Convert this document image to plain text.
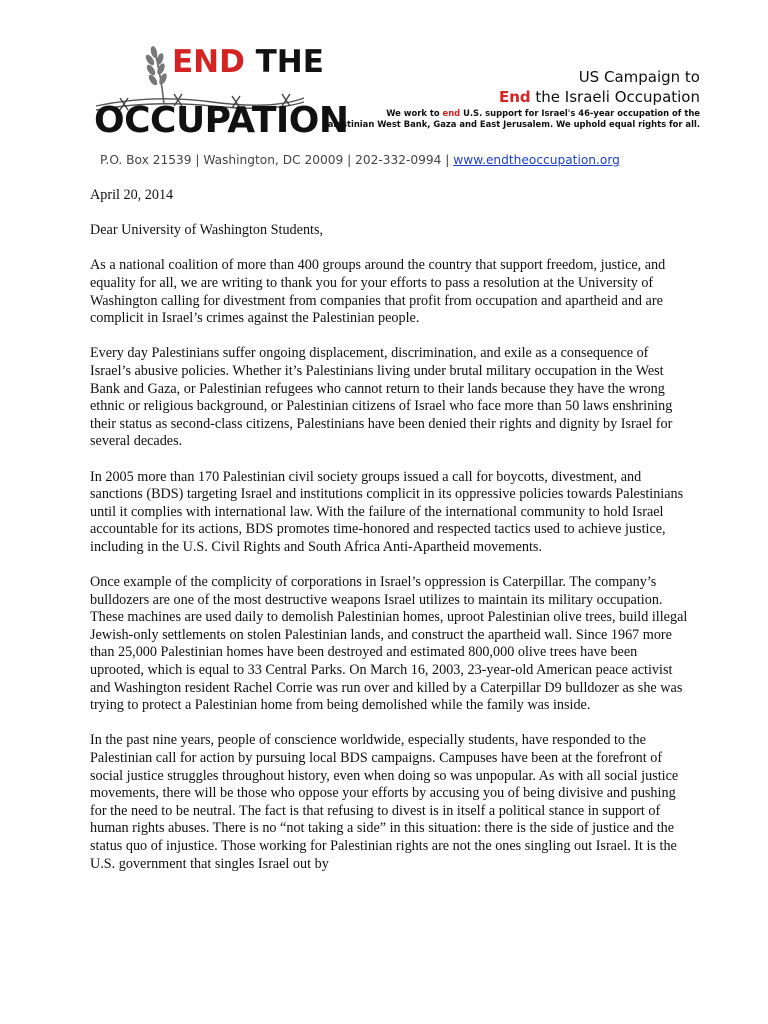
END THE
OCCUPATION
US Campaign to
End the Israeli Occupation
We work to end U.S. support for Israel's 46-year occupation of the
Palestinian West Bank, Gaza and East Jerusalem. We uphold equal rights for all.
P.O. Box 21539 | Washington, DC 20009 | 202-332-0994 | www.endtheoccupation.org

April 20, 2014

Dear University of Washington Students,

As a national coalition of more than 400 groups around the country that support freedom, justice, and equality for all, we are writing to thank you for your efforts to pass a resolution at the University of Washington calling for divestment from companies that profit from occupation and apartheid and are complicit in Israel’s crimes against the Palestinian people.

Every day Palestinians suffer ongoing displacement, discrimination, and exile as a consequence of Israel’s abusive policies. Whether it’s Palestinians living under brutal military occupation in the West Bank and Gaza, or Palestinian refugees who cannot return to their lands because they have the wrong ethnic or religious background, or Palestinian citizens of Israel who face more than 50 laws enshrining their status as second-class citizens, Palestinians have been denied their rights and dignity by Israel for several decades.

In 2005 more than 170 Palestinian civil society groups issued a call for boycotts, divestment, and sanctions (BDS) targeting Israel and institutions complicit in its oppressive policies towards Palestinians until it complies with international law. With the failure of the international community to hold Israel accountable for its actions, BDS promotes time-honored and respected tactics used to achieve justice, including in the U.S. Civil Rights and South Africa Anti-Apartheid movements.

Once example of the complicity of corporations in Israel’s oppression is Caterpillar. The company’s bulldozers are one of the most destructive weapons Israel utilizes to maintain its military occupation. These machines are used daily to demolish Palestinian homes, uproot Palestinian olive trees, build illegal Jewish-only settlements on stolen Palestinian lands, and construct the apartheid wall. Since 1967 more than 25,000 Palestinian homes have been destroyed and estimated 800,000 olive trees have been uprooted, which is equal to 33 Central Parks. On March 16, 2003, 23-year-old American peace activist and Washington resident Rachel Corrie was run over and killed by a Caterpillar D9 bulldozer as she was trying to protect a Palestinian home from being demolished while the family was inside.

In the past nine years, people of conscience worldwide, especially students, have responded to the Palestinian call for action by pursuing local BDS campaigns. Campuses have been at the forefront of social justice struggles throughout history, even when doing so was unpopular. As with all social justice movements, there will be those who oppose your efforts by accusing you of being divisive and pushing for the need to be neutral. The fact is that refusing to divest is in itself a political stance in support of human rights abuses. There is no “not taking a side” in this situation: there is the side of justice and the status quo of injustice. Those working for Palestinian rights are not the ones singling out Israel. It is the U.S. government that singles Israel out by
